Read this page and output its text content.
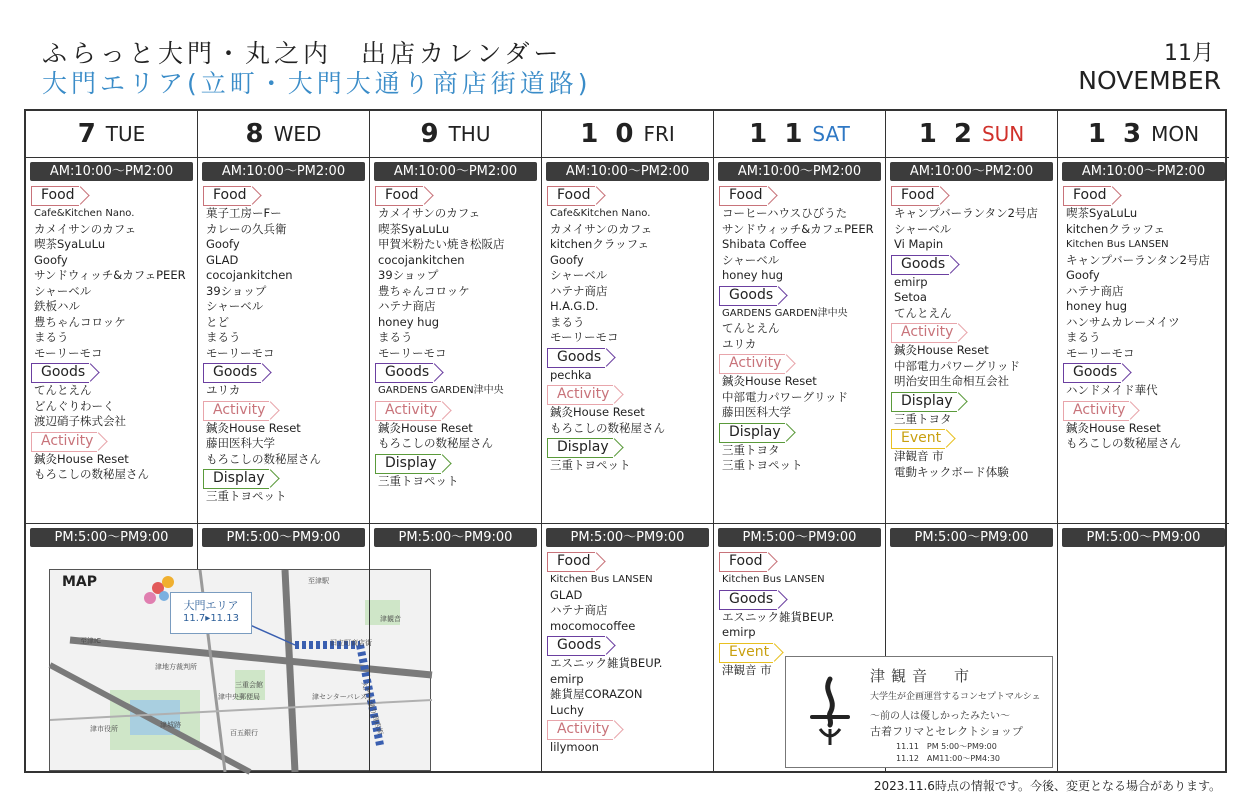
ふらっと大門・丸之内　出店カレンダー
大門エリア(立町・大門大通り商店街道路)
11月
NOVEMBER
7 TUE
AM:10:00〜PM2:00
Food
Cafe&Kitchen Nano.
カメイサンのカフェ
喫茶SyaLuLu
Goofy
サンドウィッチ&カフェPEER
シャーベル
鉄板ハル
豊ちゃんコロッケ
まるう
モーリーモコ
Goods
てんとえん
どんぐりわーく
渡辺硝子株式会社
Activity
鍼灸House Reset
もろこしの数秘屋さん
PM:5:00〜PM9:00
MAP
大門エリア
11.7▸11.13
至津駅
至津IC	旧立町商店街
津城跡
津地方裁判所
三重会館
津中央郵便局	津センターパレス
百五銀行
津市役所
津観音
大門大通り商店街
8 WED
AM:10:00〜PM2:00
Food
菓子工房ーFー
カレーの久兵衛
Goofy
GLAD
cocojankitchen
39ショップ
シャーベル
とど
まるう
モーリーモコ
Goods
ユリカ
Activity
鍼灸House Reset
藤田医科大学
もろこしの数秘屋さん
Display
三重トヨペット
PM:5:00〜PM9:00
9 THU
AM:10:00〜PM2:00
Food
カメイサンのカフェ
喫茶SyaLuLu
甲賀米粉たい焼き松阪店
cocojankitchen
39ショップ
豊ちゃんコロッケ
ハテナ商店
honey hug
まるう
モーリーモコ
Goods
GARDENS GARDEN津中央
Activity
鍼灸House Reset
もろこしの数秘屋さん
Display
三重トヨペット
PM:5:00〜PM9:00
1 0 FRI
AM:10:00〜PM2:00
Food
Cafe&Kitchen Nano.
カメイサンのカフェ
kitchenクラッフェ
Goofy
シャーベル
ハテナ商店
H.A.G.D.
まるう
モーリーモコ
Goods
pechka
Activity
鍼灸House Reset
もろこしの数秘屋さん
Display
三重トヨペット
PM:5:00〜PM9:00
Food
Kitchen Bus LANSEN
GLAD
ハテナ商店
mocomocoffee
Goods
エスニック雑貨BEUP.
emirp
雑貨屋CORAZON
Luchy
Activity
lilymoon
1 1 SAT
AM:10:00〜PM2:00
Food
コーヒーハウスひびうた
サンドウィッチ&カフェPEER
Shibata Coffee
シャーベル
honey hug
Goods
GARDENS GARDEN津中央
てんとえん
ユリカ
Activity
鍼灸House Reset
中部電力パワーグリッド
藤田医科大学
Display
三重トヨタ
三重トヨペット
PM:5:00〜PM9:00
Food
Kitchen Bus LANSEN
Goods
エスニック雑貨BEUP.
emirp
Event
津観音 市
1 2 SUN
AM:10:00〜PM2:00
Food
キャンプバーランタン2号店
シャーベル
Vi Mapin
Goods
emirp
Setoa
てんとえん
Activity
鍼灸House Reset
中部電力パワーグリッド
明治安田生命相互会社
Display
三重トヨタ
Event
津観音 市
電動キックボード体験
PM:5:00〜PM9:00
1 3 MON
AM:10:00〜PM2:00
Food
喫茶SyaLuLu
kitchenクラッフェ
Kitchen Bus LANSEN
キャンプバーランタン2号店
Goofy
ハテナ商店
honey hug
ハンサムカレーメイツ
まるう
モーリーモコ
Goods
ハンドメイド華代
Activity
鍼灸House Reset
もろこしの数秘屋さん
PM:5:00〜PM9:00
津観音　市
大学生が企画運営するコンセプトマルシェ
〜前の人は優しかったみたい〜
古着フリマとセレクトショップ
11.11　PM 5:00〜PM9:00
11.12　AM11:00〜PM4:30
2023.11.6時点の情報です。今後、変更となる場合があります。
